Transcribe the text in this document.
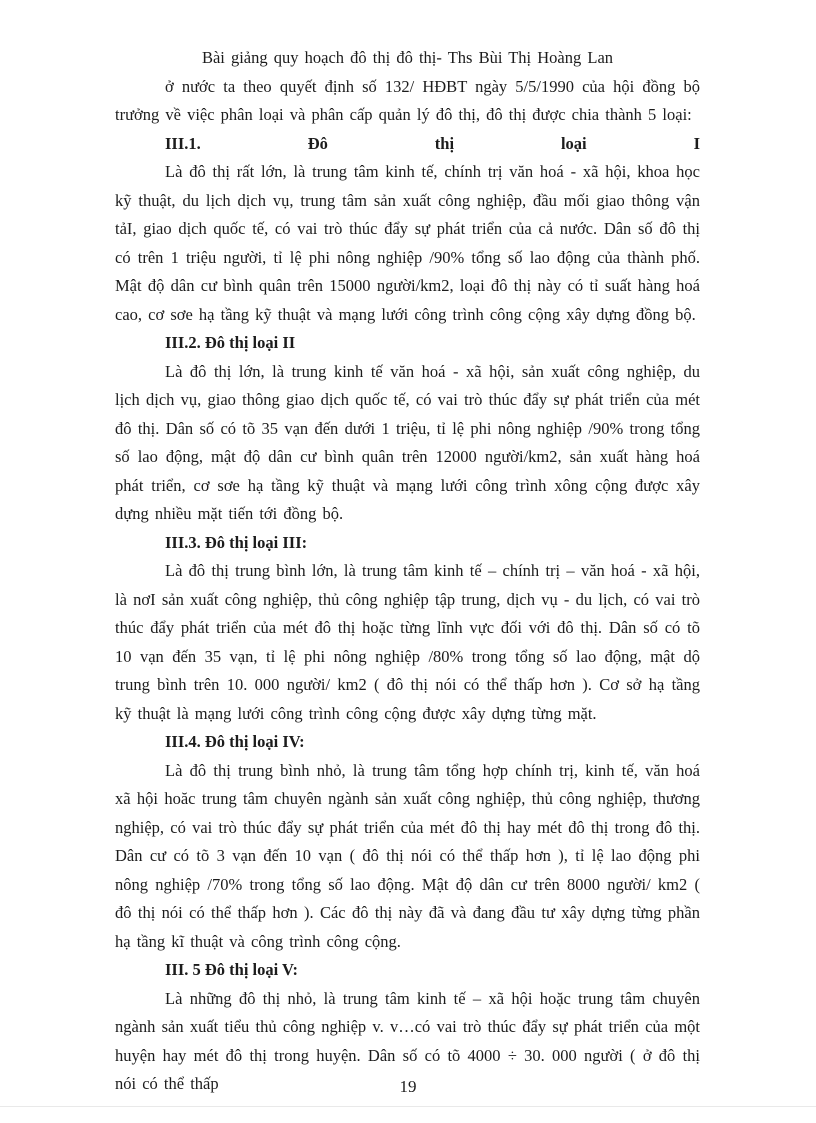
Bài giảng quy hoạch đô thị đô thị- Ths Bùi Thị Hoàng Lan

ở nước ta theo quyết định số 132/ HĐBT ngày 5/5/1990 của hội đồng bộ trưởng về việc phân loại và phân cấp quản lý đô thị, đô thị được chia thành 5 loại:

III.1.	Đô	thị	loại	I

Là đô thị rất lớn, là trung tâm kinh tế, chính trị văn hoá - xã hội, khoa học kỹ thuật, du lịch dịch vụ, trung tâm sản xuất công nghiệp, đầu mối giao thông vận tảI, giao dịch quốc tế, có vai trò thúc đẩy sự phát triển của cả nước. Dân số đô thị có trên 1 triệu người, tỉ lệ phi nông nghiệp /90% tổng số lao động của thành phố. Mật độ dân cư bình quân trên 15000 người/km2, loại đô thị này có tỉ suất hàng hoá cao, cơ sơe hạ tầng kỹ thuật và mạng lưới công trình công cộng xây dựng đồng bộ.

III.2. Đô thị loại II

Là đô thị lớn, là trung kinh tế văn hoá - xã hội, sản xuất công nghiệp, du lịch dịch vụ, giao thông giao dịch quốc tế, có vai trò thúc đẩy sự phát triển của mét đô thị. Dân số có tõ 35 vạn đến dưới 1 triệu, tỉ lệ phi nông nghiệp /90% trong tổng số lao động, mật độ dân cư bình quân trên 12000 người/km2, sản xuất hàng hoá phát triển, cơ sơe hạ tầng kỹ thuật và mạng lưới công trình xông cộng được xây dựng nhiều mặt tiến tới đồng bộ.

III.3. Đô thị loại III:

Là đô thị trung bình lớn, là trung tâm kinh tế – chính trị – văn hoá - xã hội, là nơI sản xuất công nghiệp, thủ công nghiệp tập trung, dịch vụ - du lịch, có vai trò thúc đẩy phát triển của mét đô thị hoặc từng lĩnh vực đối với đô thị. Dân số có tõ 10 vạn đến 35 vạn, tỉ lệ phi nông nghiệp /80% trong tổng số lao động, mật dộ trung bình trên 10. 000 người/ km2 ( đô thị nói có thể thấp hơn ). Cơ sở hạ tầng kỹ thuật là mạng lưới công trình công cộng được xây dựng từng mặt.

III.4. Đô thị loại IV:

Là đô thị trung bình nhỏ, là trung tâm tổng hợp chính trị, kinh tế, văn hoá xã hội hoăc trung tâm chuyên ngành sản xuất công nghiệp, thủ công nghiệp, thương nghiệp, có vai trò thúc đẩy sự phát triển của mét đô thị hay mét đô thị trong đô thị. Dân cư có tõ 3 vạn đến 10 vạn ( đô thị nói có thể thấp hơn ), tỉ lệ lao động phi nông nghiệp /70% trong tổng số lao động. Mật độ dân cư trên 8000 người/ km2 ( đô thị nói có thể thấp hơn ). Các đô thị này đã và đang đầu tư xây dựng từng phần hạ tầng kĩ thuật và công trình công cộng.

III. 5 Đô thị loại V:

Là những đô thị nhỏ, là trung tâm kinh tế – xã hội hoặc trung tâm chuyên ngành sản xuất tiểu thủ công nghiệp v. v…có vai trò thúc đẩy sự phát triển của một huyện hay mét đô thị trong huyện. Dân số có tõ 4000 ÷ 30. 000 người ( ở đô thị nói có thể thấp	19
